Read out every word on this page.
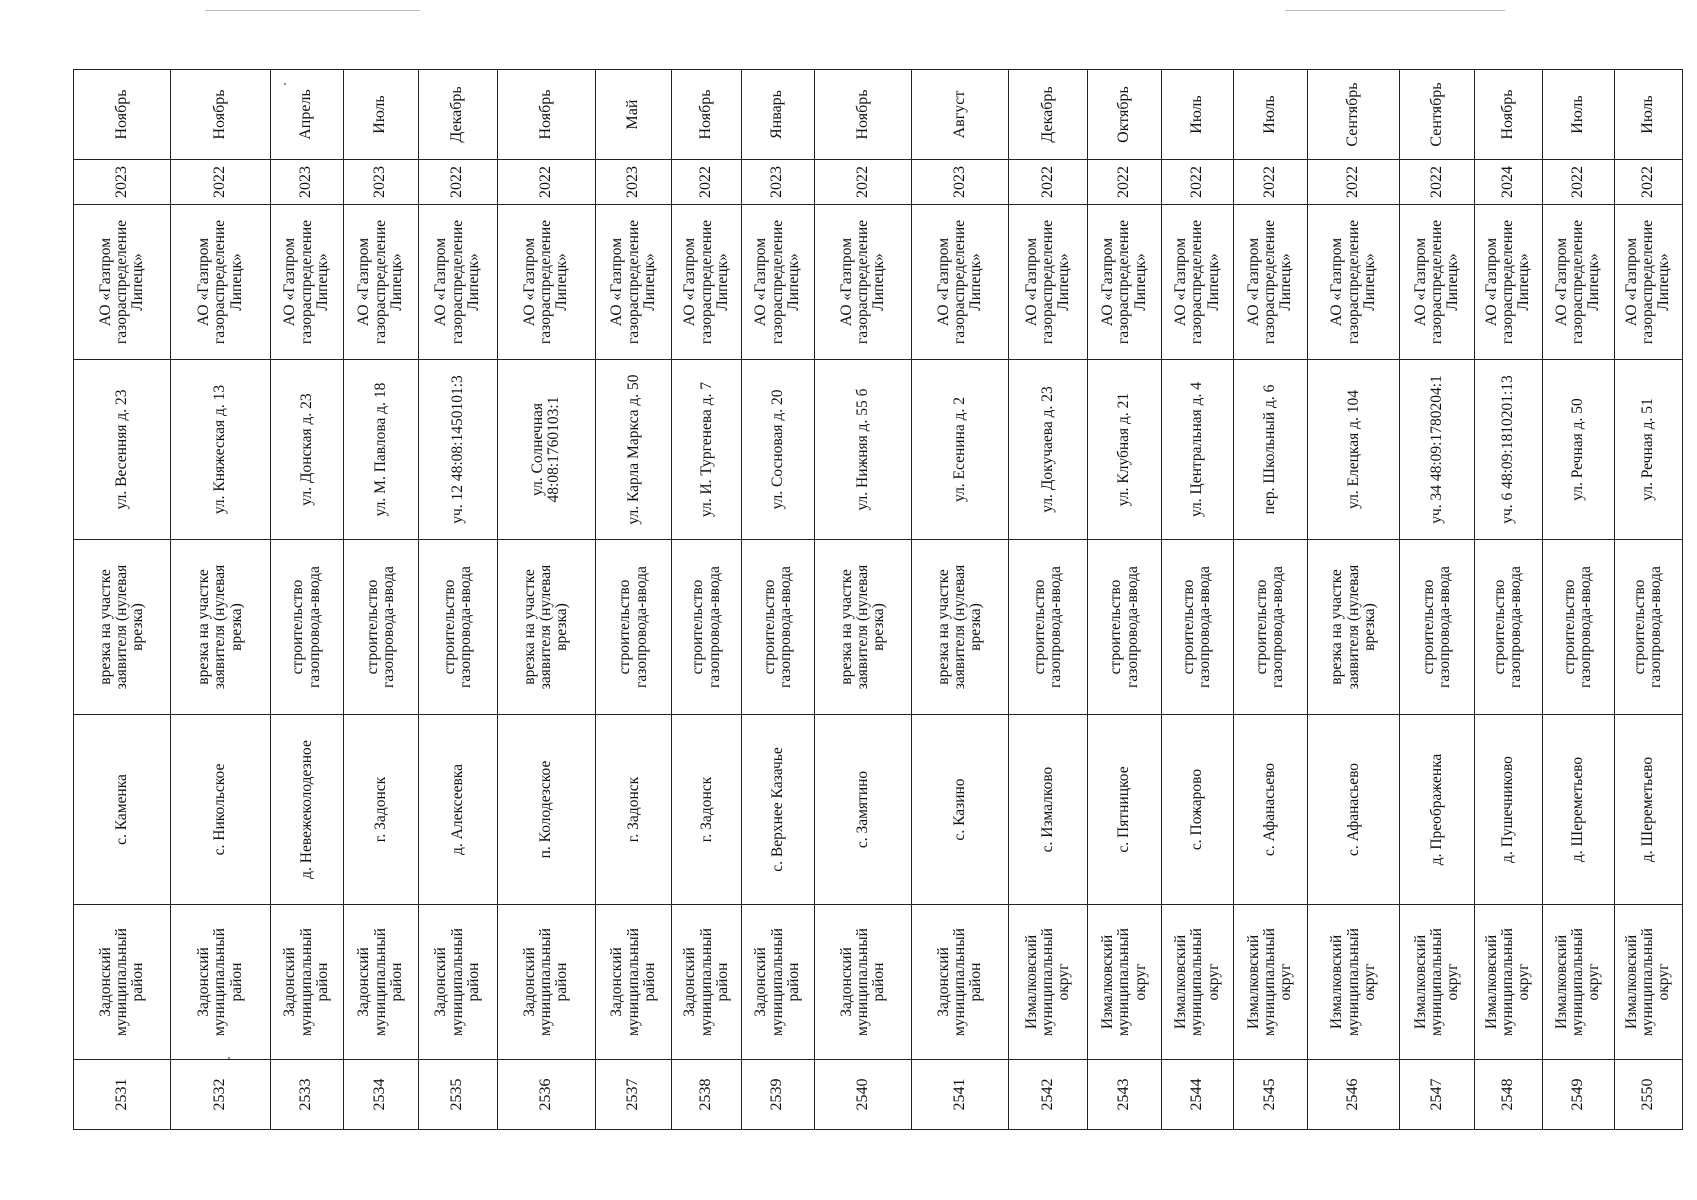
2531	Задонский муниципальный район	с. Каменка	врезка на участке заявителя (нулевая врезка)	ул. Весенняя д. 23	АО «Газпром газораспределение Липецк»	2023	Ноябрь
2532	Задонский муниципальный район	с. Никольское	врезка на участке заявителя (нулевая врезка)	ул. Княжеская д. 13	АО «Газпром газораспределение Липецк»	2022	Ноябрь
2533	Задонский муниципальный район	д. Невежеколодезное	строительство газопровода-ввода	ул. Донская д. 23	АО «Газпром газораспределение Липецк»	2023	Апрель
2534	Задонский муниципальный район	г. Задонск	строительство газопровода-ввода	ул. М. Павлова д. 18	АО «Газпром газораспределение Липецк»	2023	Июль
2535	Задонский муниципальный район	д. Алексеевка	строительство газопровода-ввода	уч. 12 48:08:1450101:3	АО «Газпром газораспределение Липецк»	2022	Декабрь
2536	Задонский муниципальный район	п. Колодезское	врезка на участке заявителя (нулевая врезка)	ул. Солнечная 48:08:1760103:1	АО «Газпром газораспределение Липецк»	2022	Ноябрь
2537	Задонский муниципальный район	г. Задонск	строительство газопровода-ввода	ул. Карла Маркса д. 50	АО «Газпром газораспределение Липецк»	2023	Май
2538	Задонский муниципальный район	г. Задонск	строительство газопровода-ввода	ул. И. Тургенева д. 7	АО «Газпром газораспределение Липецк»	2022	Ноябрь
2539	Задонский муниципальный район	с. Верхнее Казачье	строительство газопровода-ввода	ул. Сосновая д. 20	АО «Газпром газораспределение Липецк»	2023	Январь
2540	Задонский муниципальный район	с. Замятино	врезка на участке заявителя (нулевая врезка)	ул. Нижняя д. 55 б	АО «Газпром газораспределение Липецк»	2022	Ноябрь
2541	Задонский муниципальный район	с. Казино	врезка на участке заявителя (нулевая врезка)	ул. Есенина д. 2	АО «Газпром газораспределение Липецк»	2023	Август
2542	Измалковский муниципальный округ	с. Измалково	строительство газопровода-ввода	ул. Докучаева д. 23	АО «Газпром газораспределение Липецк»	2022	Декабрь
2543	Измалковский муниципальный округ	с. Пятницкое	строительство газопровода-ввода	ул. Клубная д. 21	АО «Газпром газораспределение Липецк»	2022	Октябрь
2544	Измалковский муниципальный округ	с. Пожарово	строительство газопровода-ввода	ул. Центральная д. 4	АО «Газпром газораспределение Липецк»	2022	Июль
2545	Измалковский муниципальный округ	с. Афанасьево	строительство газопровода-ввода	пер. Школьный д. 6	АО «Газпром газораспределение Липецк»	2022	Июль
2546	Измалковский муниципальный округ	с. Афанасьево	врезка на участке заявителя (нулевая врезка)	ул. Елецкая д. 104	АО «Газпром газораспределение Липецк»	2022	Сентябрь
2547	Измалковский муниципальный округ	д. Преображенка	строительство газопровода-ввода	уч. 34 48:09:1780204:1	АО «Газпром газораспределение Липецк»	2022	Сентябрь
2548	Измалковский муниципальный округ	д. Пушечниково	строительство газопровода-ввода	уч. 6 48:09:1810201:13	АО «Газпром газораспределение Липецк»	2024	Ноябрь
2549	Измалковский муниципальный округ	д. Шереметьево	строительство газопровода-ввода	ул. Речная д. 50	АО «Газпром газораспределение Липецк»	2022	Июль
2550	Измалковский муниципальный округ	д. Шереметьево	строительство газопровода-ввода	ул. Речная д. 51	АО «Газпром газораспределение Липецк»	2022	Июль
